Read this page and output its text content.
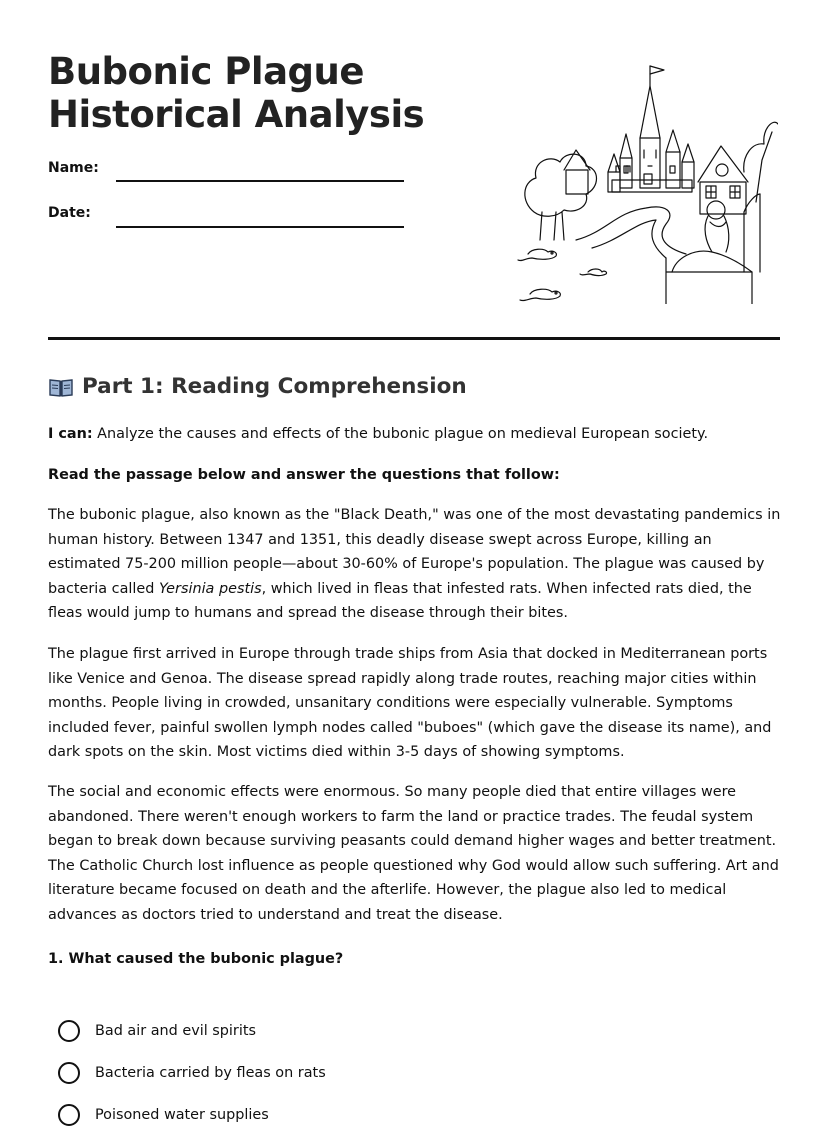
Bubonic Plague
Historical Analysis
Name:
Date:
Part 1: Reading Comprehension

I can: Analyze the causes and effects of the bubonic plague on medieval European society.

Read the passage below and answer the questions that follow:

The bubonic plague, also known as the "Black Death," was one of the most devastating pandemics in human history. Between 1347 and 1351, this deadly disease swept across Europe, killing an estimated 75-200 million people—about 30-60% of Europe's population. The plague was caused by bacteria called Yersinia pestis, which lived in fleas that infested rats. When infected rats died, the fleas would jump to humans and spread the disease through their bites.

The plague first arrived in Europe through trade ships from Asia that docked in Mediterranean ports like Venice and Genoa. The disease spread rapidly along trade routes, reaching major cities within months. People living in crowded, unsanitary conditions were especially vulnerable. Symptoms included fever, painful swollen lymph nodes called "buboes" (which gave the disease its name), and dark spots on the skin. Most victims died within 3-5 days of showing symptoms.

The social and economic effects were enormous. So many people died that entire villages were abandoned. There weren't enough workers to farm the land or practice trades. The feudal system began to break down because surviving peasants could demand higher wages and better treatment. The Catholic Church lost influence as people questioned why God would allow such suffering. Art and literature became focused on death and the afterlife. However, the plague also led to medical advances as doctors tried to understand and treat the disease.

1. What caused the bubonic plague?

Bad air and evil spirits
Bacteria carried by fleas on rats
Poisoned water supplies
